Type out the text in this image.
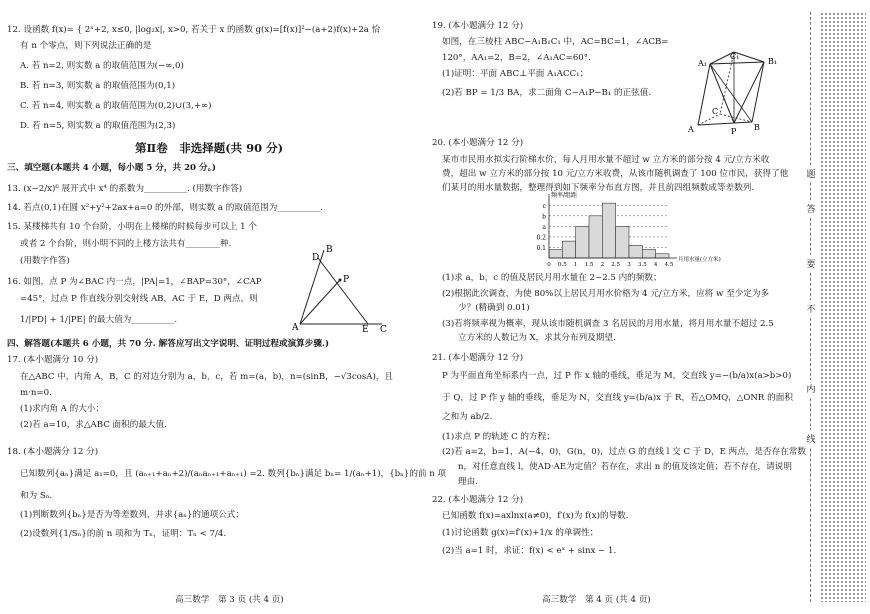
12. 设函数 f(x)= { 2ˣ+2, x≤0, |log₂x|, x>0, 若关于 x 的函数 g(x)=[f(x)]²−(a+2)f(x)+2a 恰
有 n 个零点，则下列说法正确的是
A. 若 n=2, 则实数 a 的取值范围为(−∞,0)
B. 若 n=3, 则实数 a 的取值范围为(0,1)
C. 若 n=4, 则实数 a 的取值范围为(0,2)∪(3,+∞)
D. 若 n=5, 则实数 a 的取值范围为(2,3)
第Ⅱ卷　非选择题(共 90 分)
三、填空题(本题共 4 小题，每小题 5 分，共 20 分。)
13. (x−2/x)⁶ 展开式中 x⁴ 的系数为__________. (用数字作答)
14. 若点(0,1)在圆 x²+y²+2ax+a=0 的外部，则实数 a 的取值范围为__________.
15. 某楼梯共有 10 个台阶，小明在上楼梯的时候每步可以上 1 个
或者 2 个台阶，则小明不同的上楼方法共有________种.
(用数字作答)
16. 如图，点 P 为∠BAC 内一点，|PA|=1，∠BAP=30°，∠CAP
=45°，过点 P 作直线分别交射线 AB，AC 于 E，D 两点，则
1/|PD| + 1/|PE| 的最大值为__________.
D
B
P
A	E C
四、解答题(本题共 6 小题，共 70 分. 解答应写出文字说明、证明过程或演算步骤.)
17. (本小题满分 10 分)
在△ABC 中，内角 A，B，C 的对边分别为 a，b，c，若 m=(a，b)，n=(sinB，−√3cosA)，且
m·n=0.
(1)求内角 A 的大小；
(2)若 a=10，求△ABC 面积的最大值.
18. (本小题满分 12 分)
已知数列{aₙ}满足 a₁=0，且 (aₙ₊₁+aₙ+2)/(aₙaₙ₊₁+aₙ₊₁) =2. 数列{bₙ}满足 bₙ= 1/(aₙ+1)，{bₙ}的前 n 项
和为 Sₙ.
(1)判断数列{bₙ}是否为等差数列，并求{aₙ}的通项公式；
(2)设数列{1/Sₙ}的前 n 项和为 Tₙ，证明：Tₙ < 7/4.
高三数学　第 3 页 (共 4 页)
19. (本小题满分 12 分)
如图，在三棱柱 ABC−A₁B₁C₁ 中，AC=BC=1，∠ACB=
120°，AA₁=2，B=2，∠A₁AC=60°.
(1)证明：平面 ABC⊥平面 A₁ACC₁；
(2)若 BP = 1/3 BA，求二面角 C−A₁P−B₁ 的正弦值.
C₁
A₁	B₁
C
A	P B
20. (本小题满分 12 分)
某市市民用水拟实行阶梯水价，每人月用水量不超过 w 立方米的部分按 4 元/立方米收
费，超出 w 立方米的部分按 10 元/立方米收费，从该市随机调查了 100 位市民，获得了他
们某月的用水量数据，整理得到如下频率分布直方图，并且前四组频数成等差数列.
0.1
0.2
a
b
c
0 0.5 1 1.5 2 2.5 3 3.5 4 4.5
频率/组距
月用水量(立方米)
(1)求 a，b，c 的值及居民月用水量在 2~2.5 内的频数；
(2)根据此次调查，为使 80%以上居民月用水价格为 4 元/立方米，应将 w 至少定为多
少？(精确到 0.01)
(3)若将频率视为概率，现从该市随机调查 3 名居民的月用水量，将月用水量不超过 2.5
立方米的人数记为 X，求其分布列及期望.
21. (本小题满分 12 分)
P 为平面直角坐标系内一点，过 P 作 x 轴的垂线，垂足为 M，交直线 y=−(b/a)x(a>b>0)
于 Q，过 P 作 y 轴的垂线，垂足为 N，交直线 y=(b/a)x 于 R，若△OMQ，△ONR 的面积
之和为 ab/2.
(1)求点 P 的轨迹 C 的方程；
(2)若 a=2，b=1，A(−4，0)，G(n，0)，过点 G 的直线 l 交 C 于 D，E 两点，是否存在常数
n，对任意直线 l，使AD·AE为定值？若存在，求出 n 的值及该定值；若不存在，请说明
理由.
22. (本小题满分 12 分)
已知函数 f(x)=axlnx(a≠0)，f′(x)为 f(x)的导数.
(1)讨论函数 g(x)=f′(x)+1/x 的单调性；
(2)当 a=1 时，求证：f(x) < eˣ + sinx − 1.
高三数学　第 4 页 (共 4 页)
题
答
要
不
内
线
